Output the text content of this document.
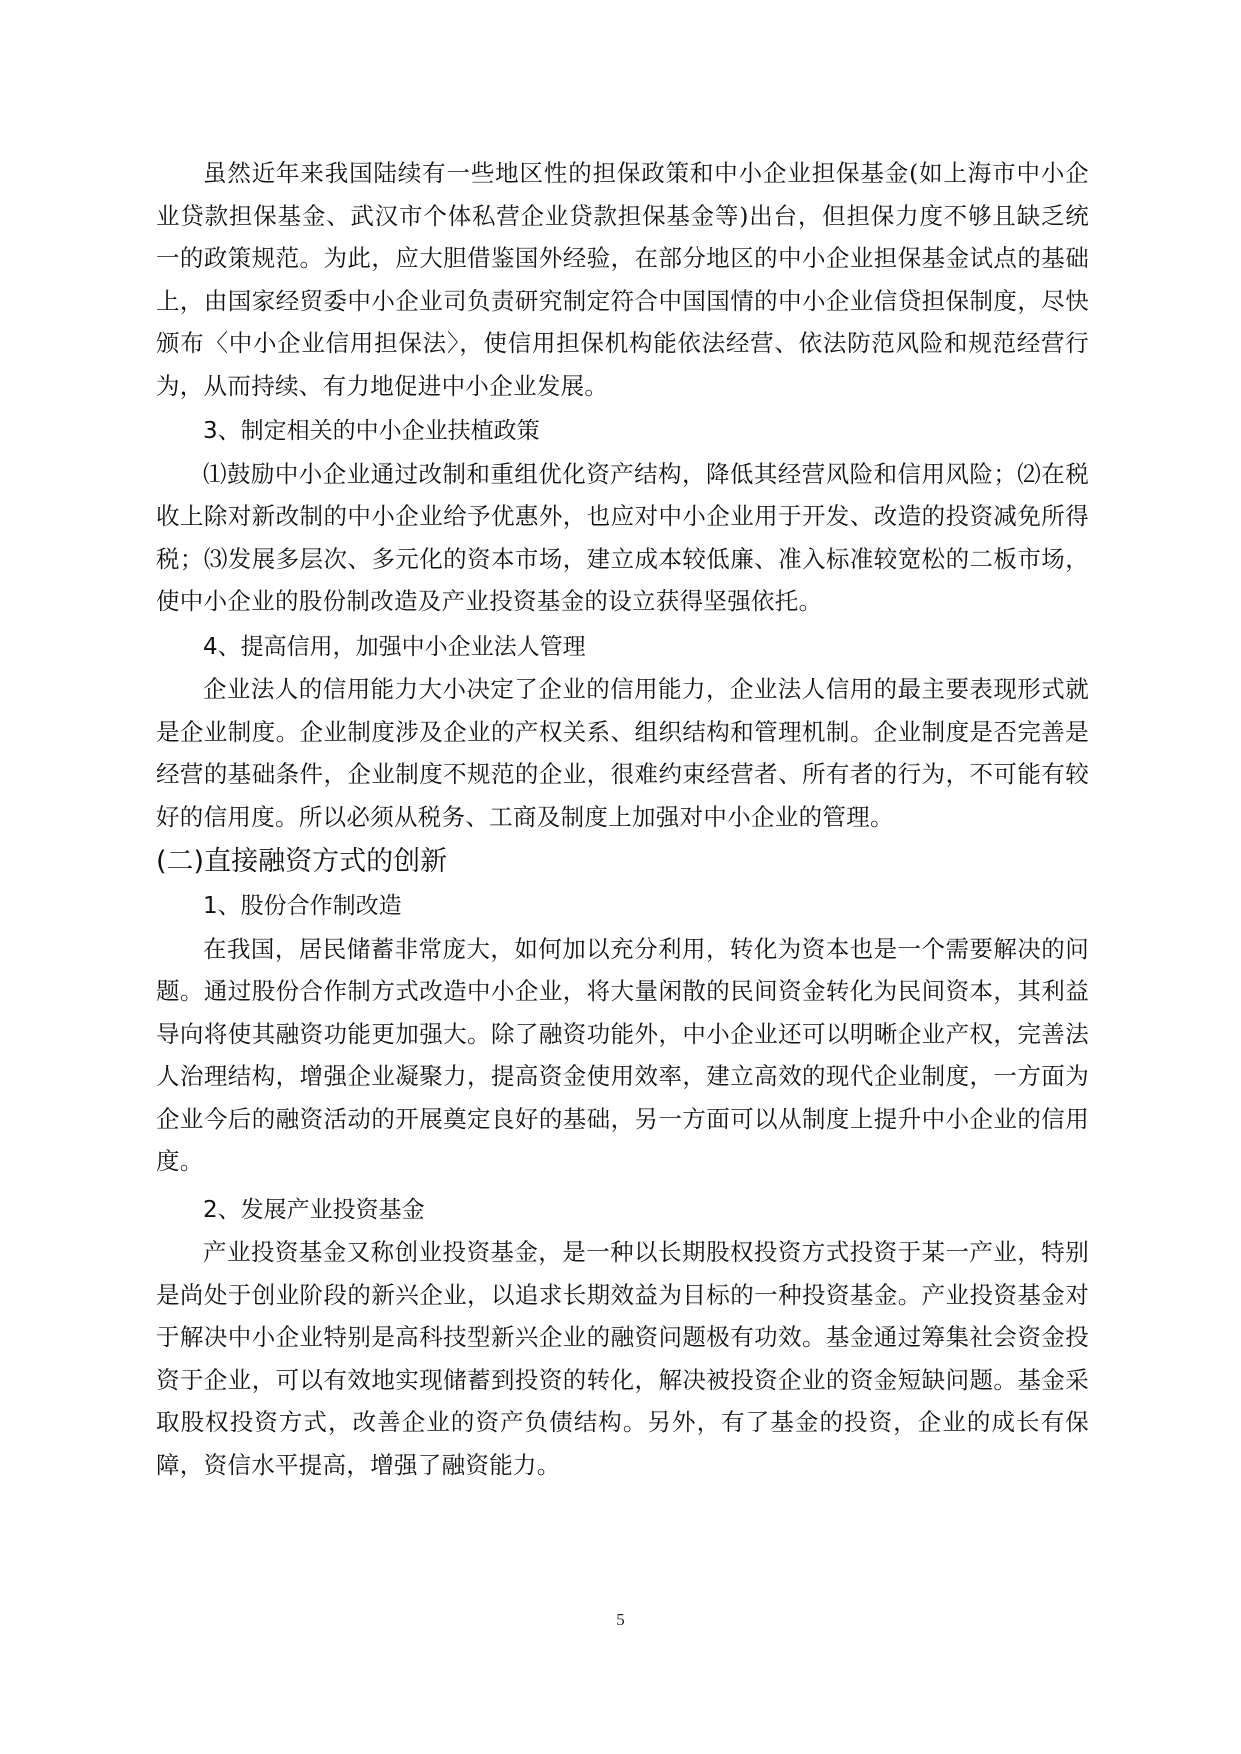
虽然近年来我国陆续有一些地区性的担保政策和中小企业担保基金(如上海市中小企业贷款担保基金、武汉市个体私营企业贷款担保基金等)出台，但担保力度不够且缺乏统一的政策规范。为此，应大胆借鉴国外经验，在部分地区的中小企业担保基金试点的基础上，由国家经贸委中小企业司负责研究制定符合中国国情的中小企业信贷担保制度，尽快颁布〈中小企业信用担保法〉，使信用担保机构能依法经营、依法防范风险和规范经营行为，从而持续、有力地促进中小企业发展。

3、制定相关的中小企业扶植政策

⑴鼓励中小企业通过改制和重组优化资产结构，降低其经营风险和信用风险；⑵在税收上除对新改制的中小企业给予优惠外，也应对中小企业用于开发、改造的投资减免所得税；⑶发展多层次、多元化的资本市场，建立成本较低廉、准入标准较宽松的二板市场，使中小企业的股份制改造及产业投资基金的设立获得坚强依托。

4、提高信用，加强中小企业法人管理

企业法人的信用能力大小决定了企业的信用能力，企业法人信用的最主要表现形式就是企业制度。企业制度涉及企业的产权关系、组织结构和管理机制。企业制度是否完善是经营的基础条件，企业制度不规范的企业，很难约束经营者、所有者的行为，不可能有较好的信用度。所以必须从税务、工商及制度上加强对中小企业的管理。

(二)直接融资方式的创新
1、股份合作制改造

在我国，居民储蓄非常庞大，如何加以充分利用，转化为资本也是一个需要解决的问题。通过股份合作制方式改造中小企业，将大量闲散的民间资金转化为民间资本，其利益导向将使其融资功能更加强大。除了融资功能外，中小企业还可以明晰企业产权，完善法人治理结构，增强企业凝聚力，提高资金使用效率，建立高效的现代企业制度，一方面为企业今后的融资活动的开展奠定良好的基础，另一方面可以从制度上提升中小企业的信用度。

2、发展产业投资基金

产业投资基金又称创业投资基金，是一种以长期股权投资方式投资于某一产业，特别是尚处于创业阶段的新兴企业，以追求长期效益为目标的一种投资基金。产业投资基金对于解决中小企业特别是高科技型新兴企业的融资问题极有功效。基金通过筹集社会资金投资于企业，可以有效地实现储蓄到投资的转化，解决被投资企业的资金短缺问题。基金采取股权投资方式，改善企业的资产负债结构。另外，有了基金的投资，企业的成长有保障，资信水平提高，增强了融资能力。

5
